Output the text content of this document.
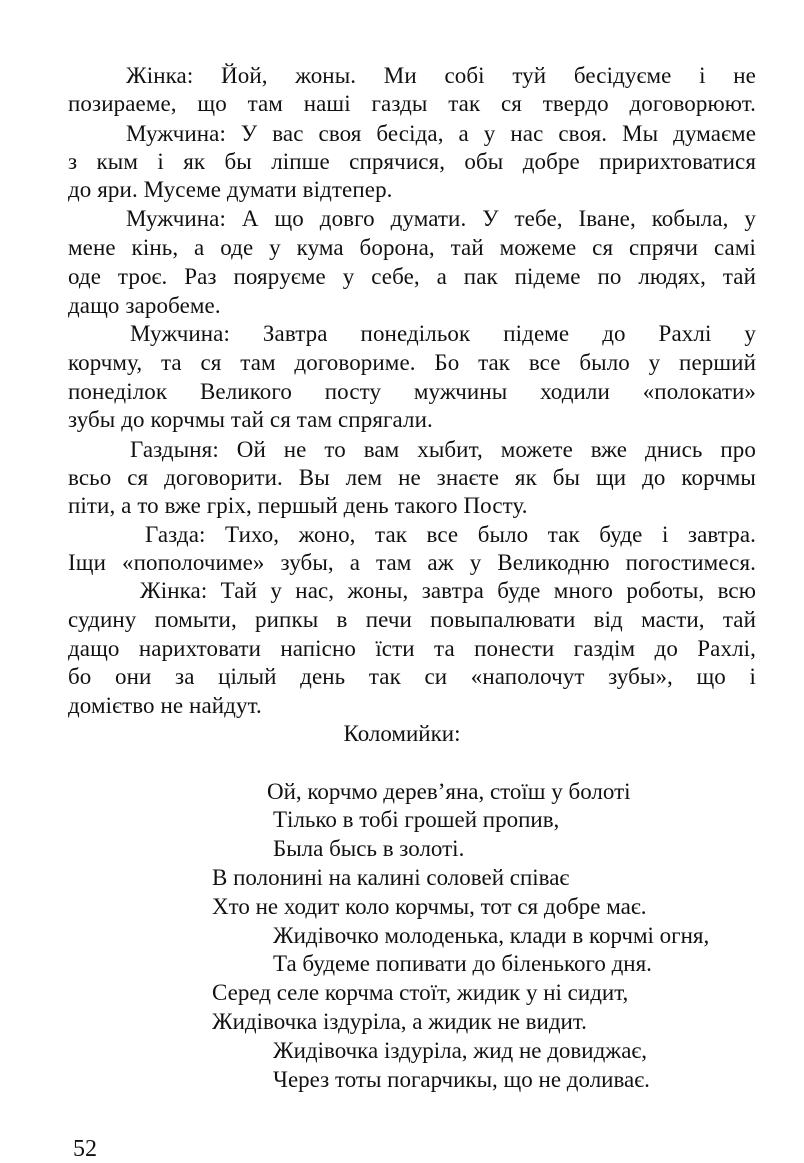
Жінка: Йой, жоны. Ми собі туй бесідуєме і не
позираеме, що там наші газды так ся твердо договорюют.
Мужчина: У вас своя бесіда, а у нас своя. Мы думаєме
з кым і як бы ліпше спрячися, обы добре пририхтоватися
до яри. Мусеме думати відтепер.
Мужчина: А що довго думати. У тебе, Іване, кобыла, у
мене кінь, а оде у кума борона, тай можеме ся спрячи самі
оде троє. Раз поярyєме у себе, а пак підеме по людях, тай
дащо заробеме.
Мужчина: Завтра понедільок підеме до Рахлі у
корчму, та ся там договориме. Бо так все было у перший
понеділок Великого посту мужчины ходили «полокати»
зубы до корчмы тай ся там спрягали.
Газдыня: Ой не то вам хыбит, можете вже днись про
всьо ся договорити. Вы лем не знаєте як бы щи до корчмы
піти, а то вже гріх, першый день такого Посту.
Газда: Тихо, жоно, так все было так буде і завтра.
Іщи «пополочиме» зубы, а там аж у Великодню погостимеся.
Жінка: Тай у нас, жоны, завтра буде много роботы, всю
судину помыти, рипкы в печи повыпалювати від масти, тай
дащо нарихтовати напісно їсти та понести газдім до Рахлі,
бо они за цілый день так си «наполочут зубы», що і
домієтво не найдут.
Коломийки:
Ой, корчмо дерев’яна, стоїш у болоті
Тілько в тобі грошей пропив,
Была бысь в золоті.
В полонині на калині соловей співає
Хто не ходит коло корчмы, тот ся добре має.
Жидівочко молоденька, клади в корчмі огня,
Та будеме попивати до біленького дня.
Серед селе корчма стоїт, жидик у ні сидит,
Жидівочка іздуріла, а жидик не видит.
Жидівочка іздуріла, жид не довиджає,
Через тоты погарчикы, що не доливає.
52
